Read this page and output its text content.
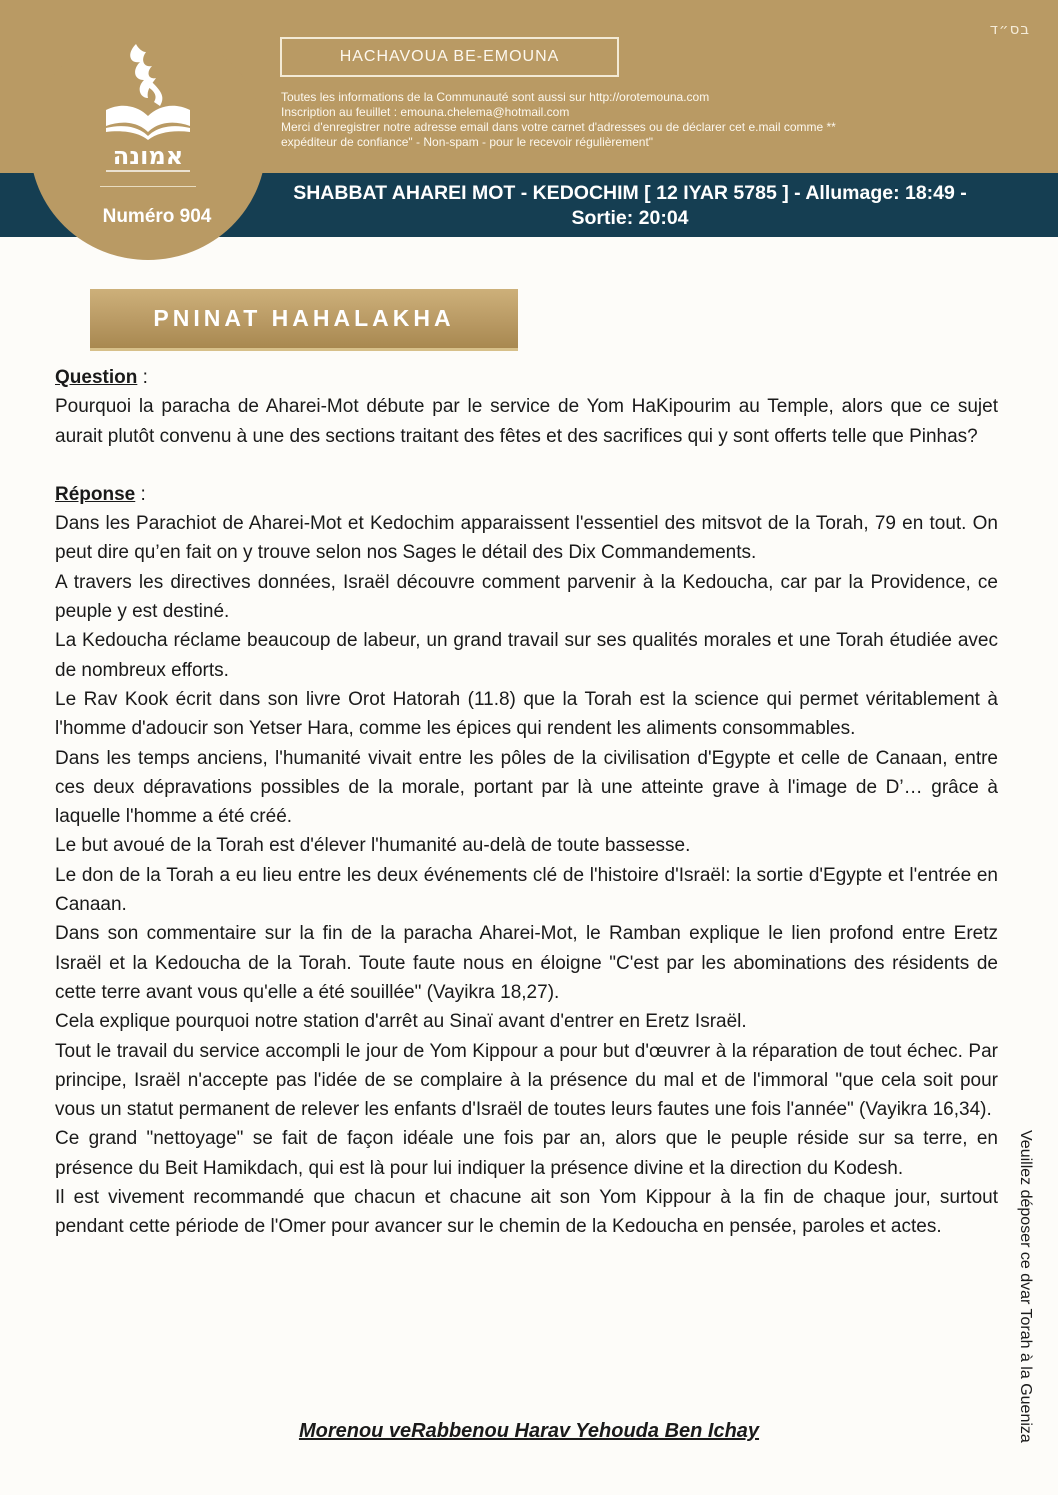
אמונה
Numéro 904
בס״ד
HACHAVOUA BE-EMOUNA
Toutes les informations de la Communauté sont aussi sur http://orotemouna.com
Inscription au feuillet : emouna.chelema@hotmail.com
Merci d'enregistrer notre adresse email dans votre carnet d'adresses ou de déclarer cet e.mail comme **
expéditeur de confiance" - Non-spam - pour le recevoir régulièrement"
SHABBAT AHAREI MOT - KEDOCHIM [ 12 IYAR 5785 ] - Allumage: 18:49 -
Sortie: 20:04
PNINAT HAHALAKHA

Question :

Pourquoi la paracha de Aharei-Mot débute par le service de Yom HaKipourim au Temple, alors que ce sujet aurait plutôt convenu à une des sections traitant des fêtes et des sacrifices qui y sont offerts telle que Pinhas?

Réponse :

Dans les Parachiot de Aharei-Mot et Kedochim apparaissent l'essentiel des mitsvot de la Torah, 79 en tout. On peut dire qu’en fait on y trouve selon nos Sages le détail des Dix Commandements.

A travers les directives données, Israël découvre comment parvenir à la Kedoucha, car par la Providence, ce peuple y est destiné.

La Kedoucha réclame beaucoup de labeur, un grand travail sur ses qualités morales et une Torah étudiée avec de nombreux efforts.

Le Rav Kook écrit dans son livre Orot Hatorah (11.8) que la Torah est la science qui permet véritablement à l'homme d'adoucir son Yetser Hara, comme les épices qui rendent les aliments consommables.

Dans les temps anciens, l'humanité vivait entre les pôles de la civilisation d'Egypte et celle de Canaan, entre ces deux dépravations possibles de la morale, portant par là une atteinte grave à l'image de D’… grâce à laquelle l'homme a été créé.

Le but avoué de la Torah est d'élever l'humanité au-delà de toute bassesse.

Le don de la Torah a eu lieu entre les deux événements clé de l'histoire d'Israël: la sortie d'Egypte et l'entrée en Canaan.

Dans son commentaire sur la fin de la paracha Aharei-Mot, le Ramban explique le lien profond entre Eretz Israël et la Kedoucha de la Torah. Toute faute nous en éloigne "C'est par les abominations des résidents de cette terre avant vous qu'elle a été souillée" (Vayikra 18,27).

Cela explique pourquoi notre station d'arrêt au Sinaï avant d'entrer en Eretz Israël.

Tout le travail du service accompli le jour de Yom Kippour a pour but d'œuvrer à la réparation de tout échec. Par principe, Israël n'accepte pas l'idée de se complaire à la présence du mal et de l'immoral "que cela soit pour vous un statut permanent de relever les enfants d'Israël de toutes leurs fautes une fois l'année" (Vayikra 16,34).

Ce grand "nettoyage" se fait de façon idéale une fois par an, alors que le peuple réside sur sa terre, en présence du Beit Hamikdach, qui est là pour lui indiquer la présence divine et la direction du Kodesh.

Il est vivement recommandé que chacun et chacune ait son Yom Kippour à la fin de chaque jour, surtout pendant cette période de l'Omer pour avancer sur le chemin de la Kedoucha en pensée, paroles et actes.

Morenou veRabbenou Harav Yehouda Ben Ichay	Veuillez déposer ce dvar Torah à la Guenizа
